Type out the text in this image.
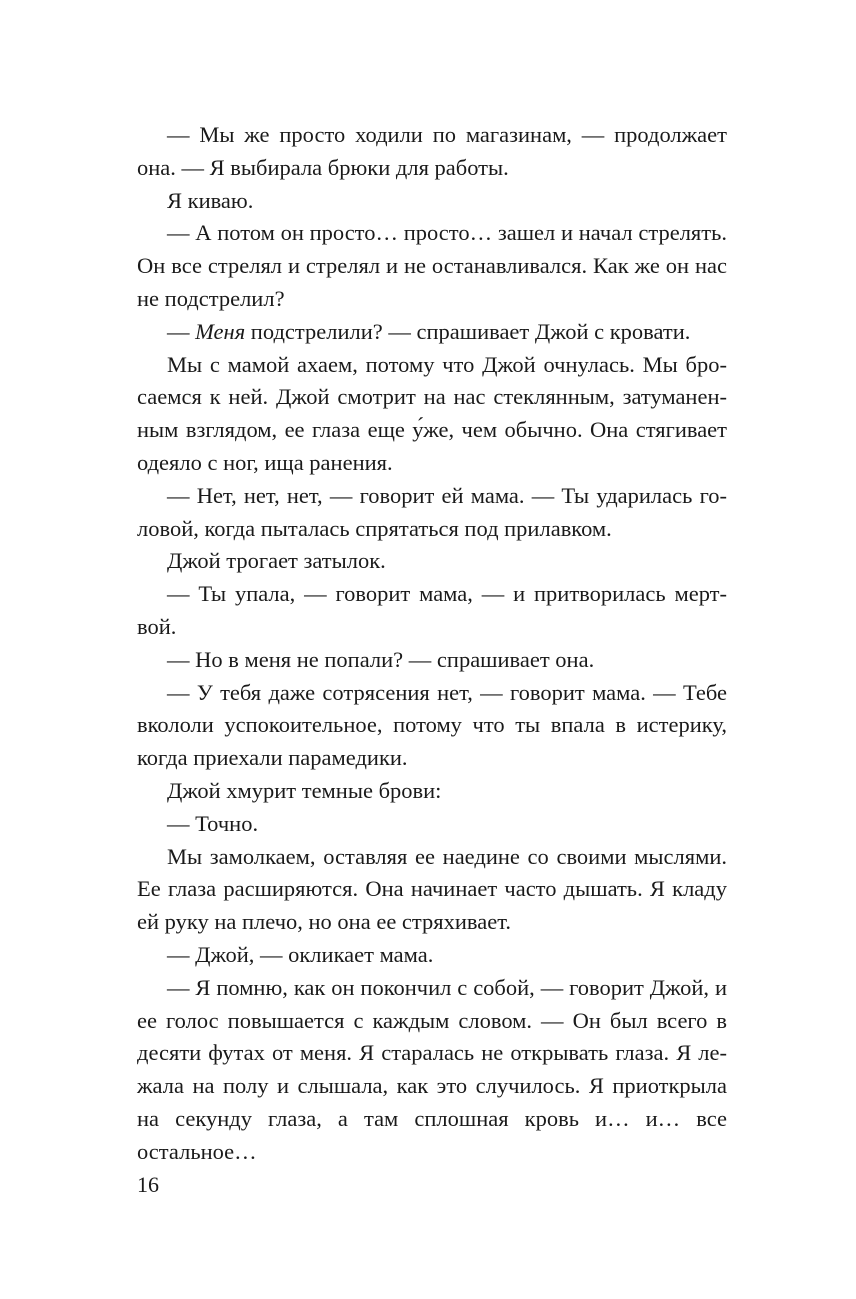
— Мы же просто ходили по магазинам, — продолжает она. — Я выбирала брюки для работы.

Я киваю.

— А потом он просто… просто… зашел и начал стрелять. Он все стрелял и стрелял и не останавливался. Как же он нас не подстрелил?

— Меня подстрелили? — спрашивает Джой с кровати.

Мы с мамой ахаем, потому что Джой очнулась. Мы бросаемся к ней. Джой смотрит на нас стеклянным, затуманенным взглядом, ее глаза еще у́же, чем обычно. Она стягивает одеяло с ног, ища ранения.

— Нет, нет, нет, — говорит ей мама. — Ты ударилась головой, когда пыталась спрятаться под прилавком.

Джой трогает затылок.

— Ты упала, — говорит мама, — и притворилась мертвой.

— Но в меня не попали? — спрашивает она.

— У тебя даже сотрясения нет, — говорит мама. — Тебе вкололи успокоительное, потому что ты впала в истерику, когда приехали парамедики.

Джой хмурит темные брови:

— Точно.

Мы замолкаем, оставляя ее наедине со своими мыслями. Ее глаза расширяются. Она начинает часто дышать. Я кладу ей руку на плечо, но она ее стряхивает.

— Джой, — окликает мама.

— Я помню, как он покончил с собой, — говорит Джой, и ее голос повышается с каждым словом. — Он был всего в десяти футах от меня. Я старалась не открывать глаза. Я лежала на полу и слышала, как это случилось. Я приоткрыла на секунду глаза, а там сплошная кровь и… и… все остальное…

16
